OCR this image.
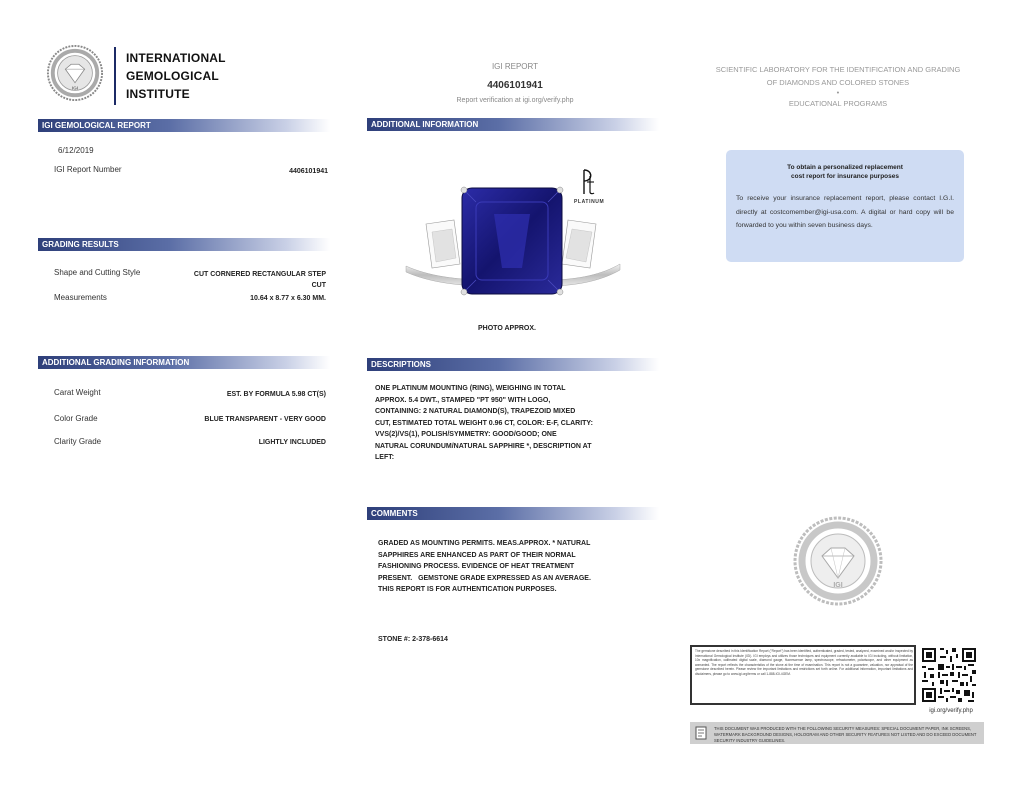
IGI
INTERNATIONAL
GEMOLOGICAL
INSTITUTE
IGI REPORT
4406101941
Report verification at igi.org/verify.php
SCIENTIFIC LABORATORY FOR THE IDENTIFICATION AND GRADING
OF DIAMONDS AND COLORED STONES
•
EDUCATIONAL PROGRAMS
IGI GEMOLOGICAL REPORT
6/12/2019
IGI Report Number	4406101941
GRADING RESULTS
Shape and Cutting Style	CUT CORNERED RECTANGULAR STEP
CUT
Measurements	10.64 x 8.77 x 6.30 MM.
ADDITIONAL GRADING INFORMATION
Carat Weight	EST. BY FORMULA 5.98 CT(S)
Color Grade	BLUE TRANSPARENT - VERY GOOD
Clarity Grade	LIGHTLY INCLUDED
ADDITIONAL INFORMATION
PLATINUM
PHOTO APPROX.
DESCRIPTIONS
ONE PLATINUM MOUNTING (RING), WEIGHING IN TOTAL
APPROX. 5.4 DWT., STAMPED "PT 950" WITH LOGO,
CONTAINING: 2 NATURAL DIAMOND(S), TRAPEZOID MIXED
CUT, ESTIMATED TOTAL WEIGHT 0.96 CT, COLOR: E-F, CLARITY:
VVS(2)/VS(1), POLISH/SYMMETRY: GOOD/GOOD; ONE
NATURAL CORUNDUM/NATURAL SAPPHIRE *, DESCRIPTION AT
LEFT:
COMMENTS
GRADED AS MOUNTING PERMITS. MEAS.APPROX. * NATURAL
SAPPHIRES ARE ENHANCED AS PART OF THEIR NORMAL
FASHIONING PROCESS. EVIDENCE OF HEAT TREATMENT
PRESENT.   GEMSTONE GRADE EXPRESSED AS AN AVERAGE.
THIS REPORT IS FOR AUTHENTICATION PURPOSES.
STONE #: 2-378-6614
To obtain a personalized replacement
cost report for insurance purposes
To receive your insurance replacement report, please contact I.G.I. directly at costcomember@igi-usa.com. A digital or hard copy will be forwarded to you within seven business days.
IGI
The gemstone described in this Identification Report ("Report") has been identified, authenticated, graded, tested, analyzed, examined and/or inspected by International Gemological Institute (IGI). IGI employs and utilizes those techniques and equipment currently available to IGI including, without limitation, 10x magnification, calibrated digital scale, diamond gauge, fluorescence lamp, spectroscope, refractometer, polariscope, and other equipment as warranted. The report reflects the characteristics of the stone at the time of examination. This report is not a guarantee, valuation, nor appraisal of the gemstone described herein. Please review the important limitations and restrictions set forth online. For additional information, important limitations and disclaimers, please go to www.igi.org/terms or call 1-888-IGI-4GEM.
igi.org/verify.php
THIS DOCUMENT WAS PRODUCED WITH THE FOLLOWING SECURITY MEASURES: SPECIAL DOCUMENT PAPER, INK SCREENS, WATERMARK BACKGROUND DESIGNS, HOLOGRAM AND OTHER SECURITY FEATURES NOT LISTED AND DO EXCEED DOCUMENT SECURITY INDUSTRY GUIDELINES.
